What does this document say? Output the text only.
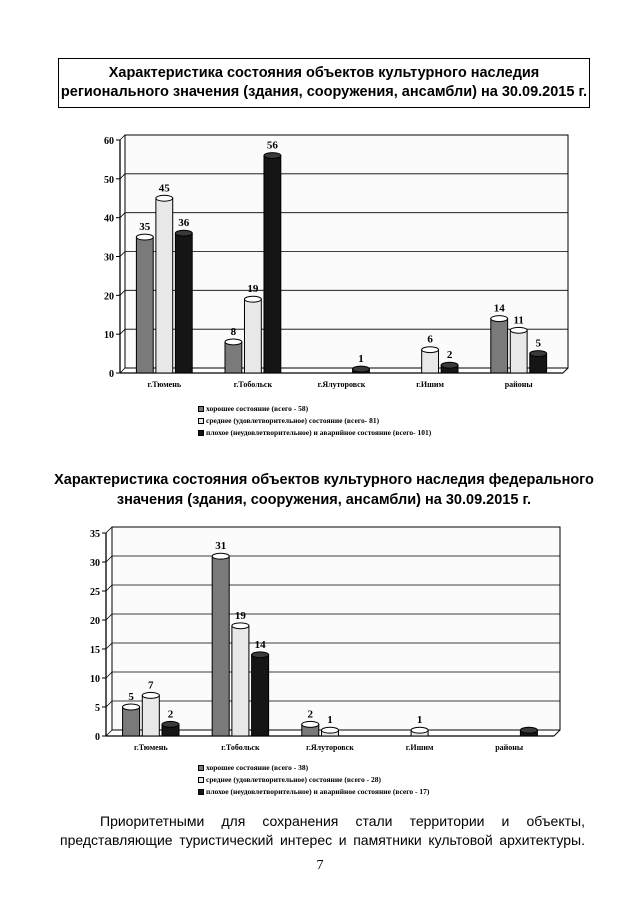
Характеристика состояния объектов культурного наследия
регионального значения (здания, сооружения, ансамбли) на 30.09.2015 г.
0
10
20
30
40
50
60
35
45
36
г.Тюмень
8
19
56
г.Тобольск
1
г.Ялуторовск
6
2
г.Ишим
14
11
5
районы
хорошее состояние (всего - 58)
среднее (удовлетворительное) состояние (всего- 81)
плохое (неудовлетворительное) и аварийное состояние (всего- 101)
Характеристика состояния объектов культурного наследия федерального
значения (здания, сооружения, ансамбли) на 30.09.2015 г.
0
5
10
15
20
25
30
35
5
7
2
г.Тюмень
31
19
14
г.Тобольск
2 1
г.Ялуторовск
1
г.Ишим	районы
хорошее состояние (всего - 38)
среднее (удовлетворительное) состояние (всего - 28)
плохое (неудовлетворительное) и аварийное состояние (всего - 17)

Приоритетными для сохранения стали территории и объекты,

представляющие туристический интерес и памятники культовой архитектуры.

7
